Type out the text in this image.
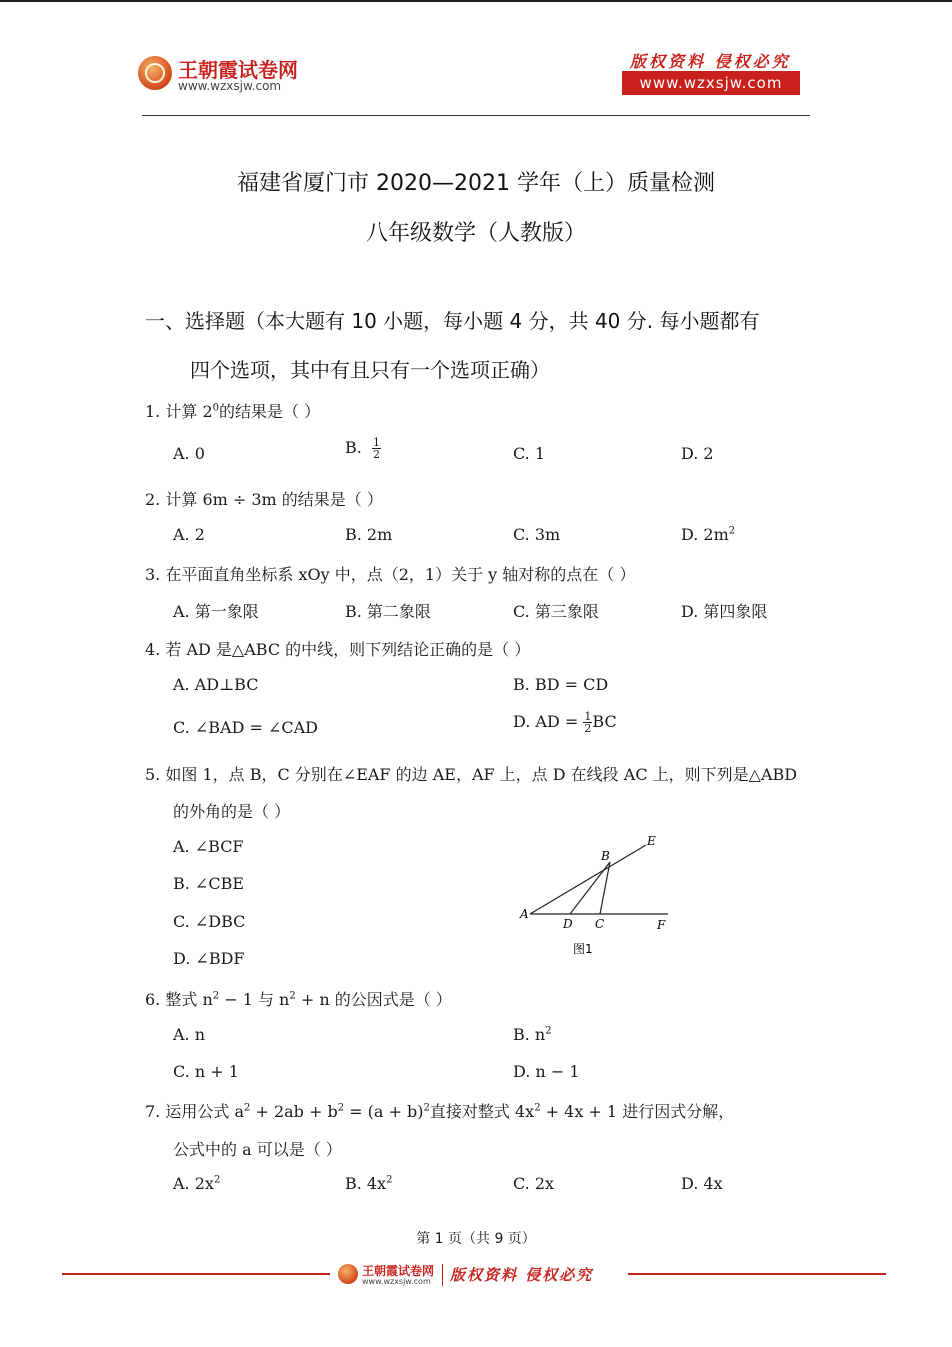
王朝霞试卷网
www.wzxsjw.com
版权资料 侵权必究
www.wzxsjw.com
福建省厦门市 2020—2021 学年（上）质量检测
八年级数学（人教版）
一、选择题（本大题有 10 小题，每小题 4 分，共 40 分. 每小题都有
四个选项，其中有且只有一个选项正确）
1. 计算 $2^0$的结果是（ ）
A. 0	B. $\frac{1}{2}$	C. 1	D. 2
2. 计算 6m ÷ 3m 的结果是（ ）
A. 2	B. 2m	C. 3m	D. $2m^2$
3. 在平面直角坐标系 xOy 中，点（2，1）关于 y 轴对称的点在（ ）
A. 第一象限	B. 第二象限	C. 第三象限	D. 第四象限
4. 若 AD 是△ABC 的中线，则下列结论正确的是（ ）
A. AD⊥BC	B. BD = CD
C. ∠BAD = ∠CAD	D. AD = $\frac{1}{2}$ BC
5. 如图 1，点 B，C 分别在∠EAF 的边 AE，AF 上，点 D 在线段 AC 上，则下列是△ABD
的外角的是（ ）
A. ∠BCF
B. ∠CBE
C. ∠DBC
D. ∠BDF
A
B
C
D
E
F
图1
6. 整式 $n^2 - 1$ 与 $n^2 + n$ 的公因式是（ ）
A. n	B. $n^2$
C. n + 1	D. n − 1
7. 运用公式 $a^2 + 2ab + b^2 = (a + b)^2$直接对整式 $4x^2 + 4x + 1$ 进行因式分解，
公式中的 a 可以是（ ）
A. $2x^2$	B. $4x^2$	C. 2x	D. 4x
第 1 页（共 9 页）
王朝霞试卷网
www.wzxsjw.com 版权资料 侵权必究
